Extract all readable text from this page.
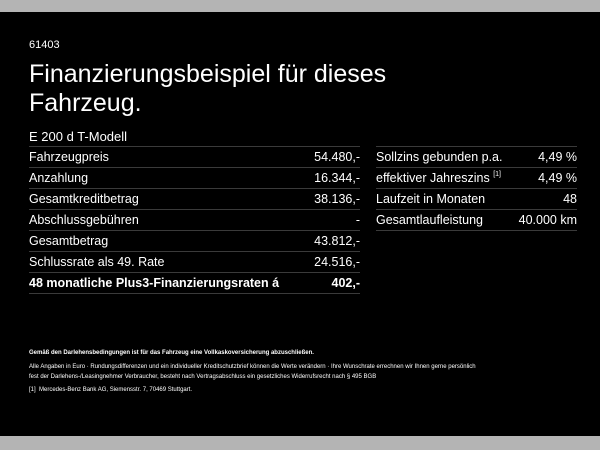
61403
Finanzierungsbeispiel für dieses Fahrzeug.
E 200 d T-Modell
Fahrzeugpreis	54.480,-
Anzahlung	16.344,-
Gesamtkreditbetrag	38.136,-
Abschlussgebühren	-
Gesamtbetrag	43.812,-
Schlussrate als 49. Rate	24.516,-
48 monatliche Plus3-Finanzierungsraten á	402,-
Sollzins gebunden p.a.	4,49 %
effektiver Jahreszins [1]	4,49 %
Laufzeit in Monaten	48
Gesamtlaufleistung	40.000 km

Gemäß den Darlehensbedingungen ist für das Fahrzeug eine Vollkaskoversicherung abzuschließen.

Alle Angaben in Euro · Rundungsdifferenzen und ein individueller Kreditschutzbrief können die Werte verändern · Ihre Wunschrate errechnen wir Ihnen gerne persönlich

fest der Darlehens-/Leasingnehmer Verbraucher, besteht nach Vertragsabschluss ein gesetzliches Widerrufsrecht nach § 495 BGB

[1] Mercedes-Benz Bank AG, Siemensstr. 7, 70469 Stuttgart.
